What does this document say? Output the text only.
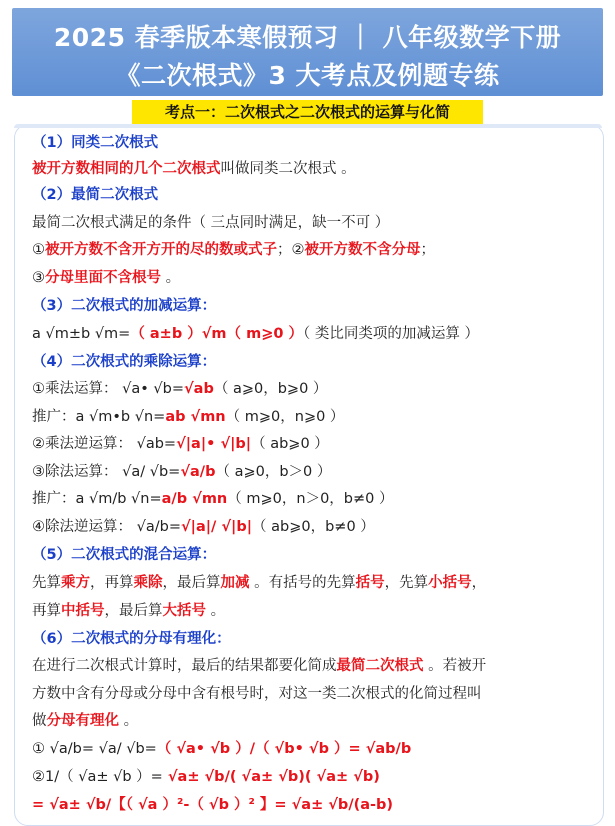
2025 春季版本寒假预习 ｜ 八年级数学下册
《二次根式》3 大考点及例题专练
考点一：二次根式之二次根式的运算与化简
（1）同类二次根式
被开方数相同的几个二次根式叫做同类二次根式 。
（2）最简二次根式
最简二次根式满足的条件（ 三点同时满足，缺一不可 ）
①被开方数不含开方开的尽的数或式子；②被开方数不含分母；
③分母里面不含根号 。
（3）二次根式的加减运算：
a √m±b √m=（ a±b ）√m（ m⩾0 ）（ 类比同类项的加减运算 ）
（4）二次根式的乘除运算：
①乘法运算： √a• √b=√ab（ a⩾0，b⩾0 ）
推广：a √m•b √n=ab √mn（ m⩾0，n⩾0 ）
②乘法逆运算： √ab=√|a|• √|b|（ ab⩾0 ）
③除法运算： √a/ √b=√a/b（ a⩾0，b＞0 ）
推广：a √m/b √n=a/b √mn（ m⩾0，n＞0，b≠0 ）
④除法逆运算： √a/b=√|a|/ √|b|（ ab⩾0，b≠0 ）
（5）二次根式的混合运算：
先算乘方，再算乘除，最后算加减 。有括号的先算括号，先算小括号，
再算中括号，最后算大括号 。
（6）二次根式的分母有理化：
在进行二次根式计算时，最后的结果都要化简成最简二次根式 。若被开
方数中含有分母或分母中含有根号时，对这一类二次根式的化简过程叫
做分母有理化 。
① √a/b= √a/ √b=（ √a• √b ）/（ √b• √b ）= √ab/b
②1/（ √a± √b ）= √a± √b/( √a± √b)( √a± √b)
= √a± √b/【（ √a ）²-（ √b ）² 】= √a± √b/(a-b)
